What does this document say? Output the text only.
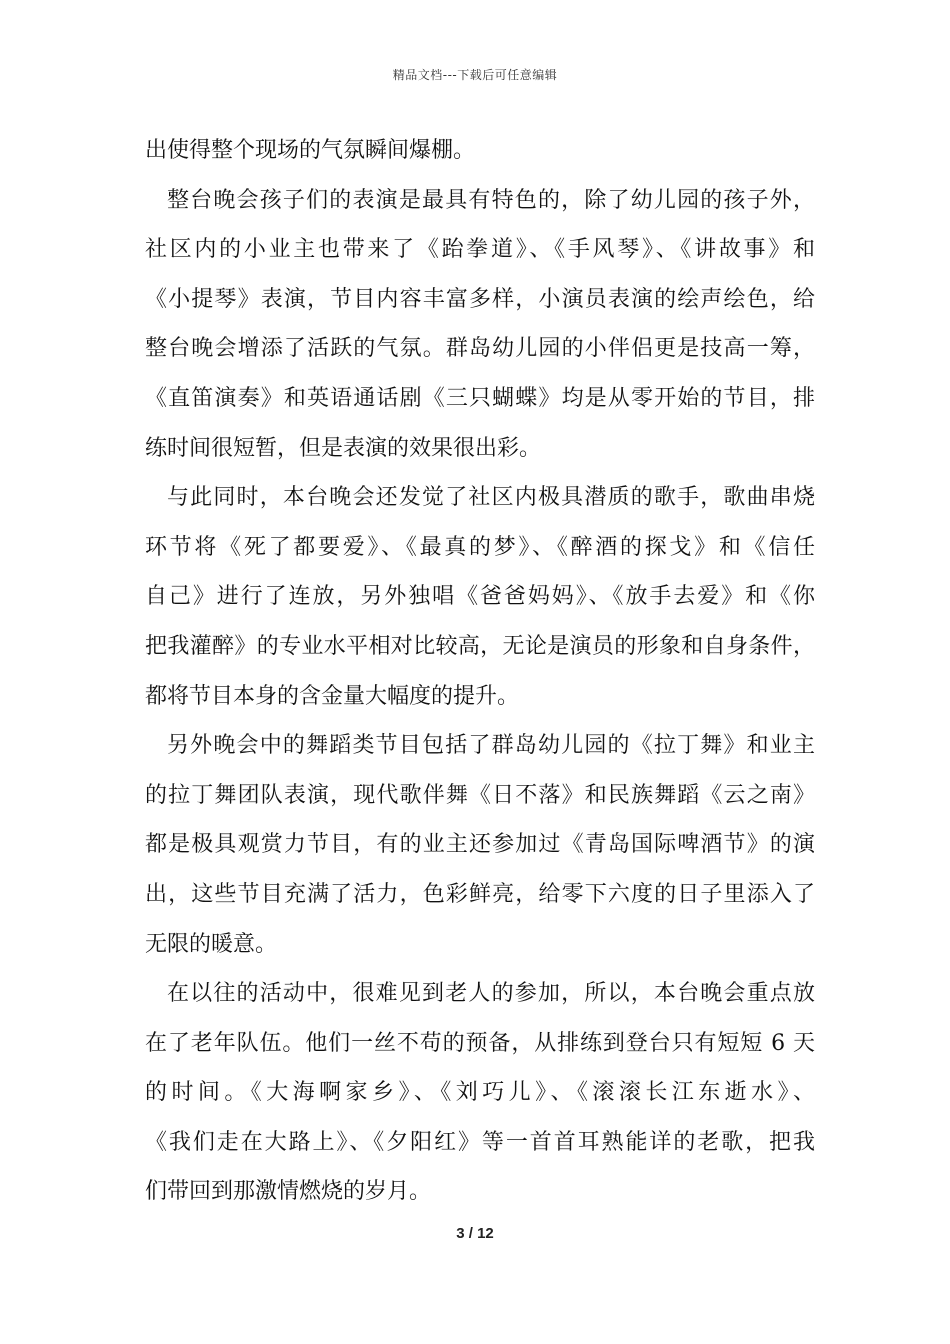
精品文档---下载后可任意编辑
出使得整个现场的气氛瞬间爆棚。
整台晚会孩子们的表演是最具有特色的，除了幼儿园的孩子外，
社区内的小业主也带来了《跆拳道》、《手风琴》、《讲故事》和
《小提琴》表演，节目内容丰富多样，小演员表演的绘声绘色，给
整台晚会增添了活跃的气氛。群岛幼儿园的小伴侣更是技高一筹，
《直笛演奏》和英语通话剧《三只蝴蝶》均是从零开始的节目，排
练时间很短暂，但是表演的效果很出彩。
与此同时，本台晚会还发觉了社区内极具潜质的歌手，歌曲串烧
环节将《死了都要爱》、《最真的梦》、《醉酒的探戈》和《信任
自己》进行了连放，另外独唱《爸爸妈妈》、《放手去爱》和《你
把我灌醉》的专业水平相对比较高，无论是演员的形象和自身条件，
都将节目本身的含金量大幅度的提升。
另外晚会中的舞蹈类节目包括了群岛幼儿园的《拉丁舞》和业主
的拉丁舞团队表演，现代歌伴舞《日不落》和民族舞蹈《云之南》
都是极具观赏力节目，有的业主还参加过《青岛国际啤酒节》的演
出，这些节目充满了活力，色彩鲜亮，给零下六度的日子里添入了
无限的暖意。
在以往的活动中，很难见到老人的参加，所以，本台晚会重点放
在了老年队伍。他们一丝不苟的预备，从排练到登台只有短短 6 天
的时间。《大海啊家乡》、《刘巧儿》、《滚滚长江东逝水》、
《我们走在大路上》、《夕阳红》等一首首耳熟能详的老歌，把我
们带回到那激情燃烧的岁月。
3 / 12
